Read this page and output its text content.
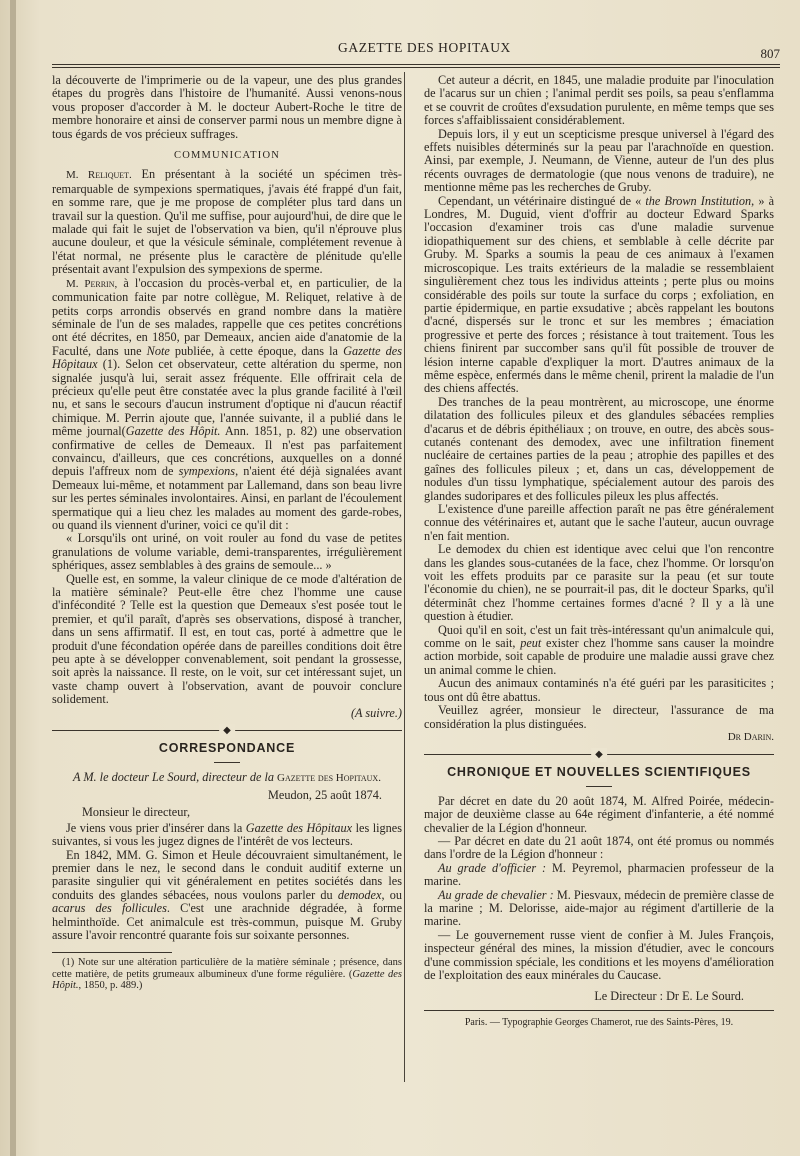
GAZETTE DES HOPITAUX	807

la découverte de l'imprimerie ou de la vapeur, une des plus grandes étapes du progrès dans l'histoire de l'humanité. Aussi venons-nous vous proposer d'accorder à M. le docteur Aubert-Roche le titre de membre honoraire et ainsi de conserver parmi nous un membre digne à tous égards de vos précieux suffrages.

COMMUNICATION

M. Reliquet. En présentant à la société un spécimen très-remarquable de sympexions spermatiques, j'avais été frappé d'un fait, en somme rare, que je me propose de compléter plus tard dans un travail sur la question. Qu'il me suffise, pour aujourd'hui, de dire que le malade qui fait le sujet de l'observation va bien, qu'il n'éprouve plus aucune douleur, et que la vésicule séminale, complétement revenue à l'état normal, ne présente plus le caractère de plénitude qu'elle présentait avant l'expulsion des sympexions de sperme.

M. Perrin, à l'occasion du procès-verbal et, en particulier, de la communication faite par notre collègue, M. Reliquet, relative à de petits corps arrondis observés en grand nombre dans la matière séminale de l'un de ses malades, rappelle que ces petites concrétions ont été décrites, en 1850, par Demeaux, ancien aide d'anatomie de la Faculté, dans une Note publiée, à cette époque, dans la Gazette des Hôpitaux (1). Selon cet observateur, cette altération du sperme, non signalée jusqu'à lui, serait assez fréquente. Elle offrirait cela de précieux qu'elle peut être constatée avec la plus grande facilité à l'œil nu, et sans le secours d'aucun instrument d'optique ni d'aucun réactif chimique. M. Perrin ajoute que, l'année suivante, il a publié dans le même journal(Gazette des Hôpit. Ann. 1851, p. 82) une observation confirmative de celles de Demeaux. Il n'est pas parfaitement convaincu, d'ailleurs, que ces concrétions, auxquelles on a donné depuis l'affreux nom de sympexions, n'aient été déjà signalées avant Demeaux lui-même, et notamment par Lallemand, dans son beau livre sur les pertes séminales involontaires. Ainsi, en parlant de l'écoulement spermatique qui a lieu chez les malades au moment des garde-robes, ou quand ils viennent d'uriner, voici ce qu'il dit :

« Lorsqu'ils ont uriné, on voit rouler au fond du vase de petites granulations de volume variable, demi-transparentes, irrégulièrement sphériques, assez semblables à des grains de semoule... »

Quelle est, en somme, la valeur clinique de ce mode d'altération de la matière séminale? Peut-elle être chez l'homme une cause d'infécondité ? Telle est la question que Demeaux s'est posée tout le premier, et qu'il paraît, d'après ses observations, disposé à trancher, dans un sens affirmatif. Il est, en tout cas, porté à admettre que le produit d'une fécondation opérée dans de pareilles conditions doit être peu apte à se développer convenablement, soit pendant la grossesse, soit après la naissance. Il reste, on le voit, sur cet intéressant sujet, un vaste champ ouvert à l'observation, avant de pouvoir conclure solidement.

(A suivre.)

◆
CORRESPONDANCE

A M. le docteur Le Sourd, directeur de la Gazette des Hopitaux.

Meudon, 25 août 1874.

Monsieur le directeur,

Je viens vous prier d'insérer dans la Gazette des Hôpitaux les lignes suivantes, si vous les jugez dignes de l'intérêt de vos lecteurs.

En 1842, MM. G. Simon et Heule découvraient simultanément, le premier dans le nez, le second dans le conduit auditif externe un parasite singulier qui vit généralement en petites sociétés dans les conduits des glandes sébacées, nous voulons parler du demodex, ou acarus des follicules. C'est une arachnide dégradée, à forme helminthoïde. Cet animalcule est très-commun, puisque M. Gruby assure l'avoir rencontré quarante fois sur soixante personnes.

(1) Note sur une altération particulière de la matière séminale ; présence, dans cette matière, de petits grumeaux albumineux d'une forme régulière. (Gazette des Hôpit., 1850, p. 489.)

Cet auteur a décrit, en 1845, une maladie produite par l'inoculation de l'acarus sur un chien ; l'animal perdit ses poils, sa peau s'enflamma et se couvrit de croûtes d'exsudation purulente, en même temps que ses forces s'affaiblissaient considérablement.

Depuis lors, il y eut un scepticisme presque universel à l'égard des effets nuisibles déterminés sur la peau par l'arachnoïde en question. Ainsi, par exemple, J. Neumann, de Vienne, auteur de l'un des plus récents ouvrages de dermatologie (que nous venons de traduire), ne mentionne même pas les recherches de Gruby.

Cependant, un vétérinaire distingué de « the Brown Institution, » à Londres, M. Duguid, vient d'offrir au docteur Edward Sparks l'occasion d'examiner trois cas d'une maladie survenue idiopathiquement sur des chiens, et semblable à celle décrite par Gruby. M. Sparks a soumis la peau de ces animaux à l'examen microscopique. Les traits extérieurs de la maladie se ressemblaient singulièrement chez tous les individus atteints ; perte plus ou moins considérable des poils sur toute la surface du corps ; exfoliation, en partie épidermique, en partie exsudative ; abcès rappelant les boutons d'acné, dispersés sur le tronc et sur les membres ; émaciation progressive et perte des forces ; résistance à tout traitement. Tous les chiens finirent par succomber sans qu'il fût possible de trouver de lésion interne capable d'expliquer la mort. D'autres animaux de la même espèce, enfermés dans le même chenil, prirent la maladie de l'un des chiens affectés.

Des tranches de la peau montrèrent, au microscope, une énorme dilatation des follicules pileux et des glandules sébacées remplies d'acarus et de débris épithéliaux ; on trouve, en outre, des abcès sous-cutanés contenant des demodex, avec une infiltration finement nucléaire de certaines parties de la peau ; atrophie des papilles et des gaînes des follicules pileux ; et, dans un cas, développement de nodules d'un tissu lymphatique, spécialement autour des parois des glandes sudoripares et des follicules pileux les plus affectés.

L'existence d'une pareille affection paraît ne pas être généralement connue des vétérinaires et, autant que le sache l'auteur, aucun ouvrage n'en fait mention.

Le demodex du chien est identique avec celui que l'on rencontre dans les glandes sous-cutanées de la face, chez l'homme. Or lorsqu'on voit les effets produits par ce parasite sur la peau (et sur toute l'économie du chien), ne se pourrait-il pas, dit le docteur Sparks, qu'il déterminât chez l'homme certaines formes d'acné ? Il y a là une question à étudier.

Quoi qu'il en soit, c'est un fait très-intéressant qu'un animalcule qui, comme on le sait, peut exister chez l'homme sans causer la moindre action morbide, soit capable de produire une maladie aussi grave chez un animal comme le chien.

Aucun des animaux contaminés n'a été guéri par les parasiticites ; tous ont dû être abattus.

Veuillez agréer, monsieur le directeur, l'assurance de ma considération la plus distinguées.

Dr Darin.

◆
CHRONIQUE ET NOUVELLES SCIENTIFIQUES

Par décret en date du 20 août 1874, M. Alfred Poirée, médecin-major de deuxième classe au 64e régiment d'infanterie, a été nommé chevalier de la Légion d'honneur.

— Par décret en date du 21 août 1874, ont été promus ou nommés dans l'ordre de la Légion d'honneur :

Au grade d'officier : M. Peyremol, pharmacien professeur de la marine.

Au grade de chevalier : M. Piesvaux, médecin de première classe de la marine ; M. Delorisse, aide-major au régiment d'artillerie de la marine.

— Le gouvernement russe vient de confier à M. Jules François, inspecteur général des mines, la mission d'étudier, avec le concours d'une commission spéciale, les conditions et les moyens d'amélioration de l'exploitation des eaux minérales du Caucase.

Le Directeur : Dr E. Le Sourd.

Paris. — Typographie Georges Chamerot, rue des Saints-Pères, 19.
